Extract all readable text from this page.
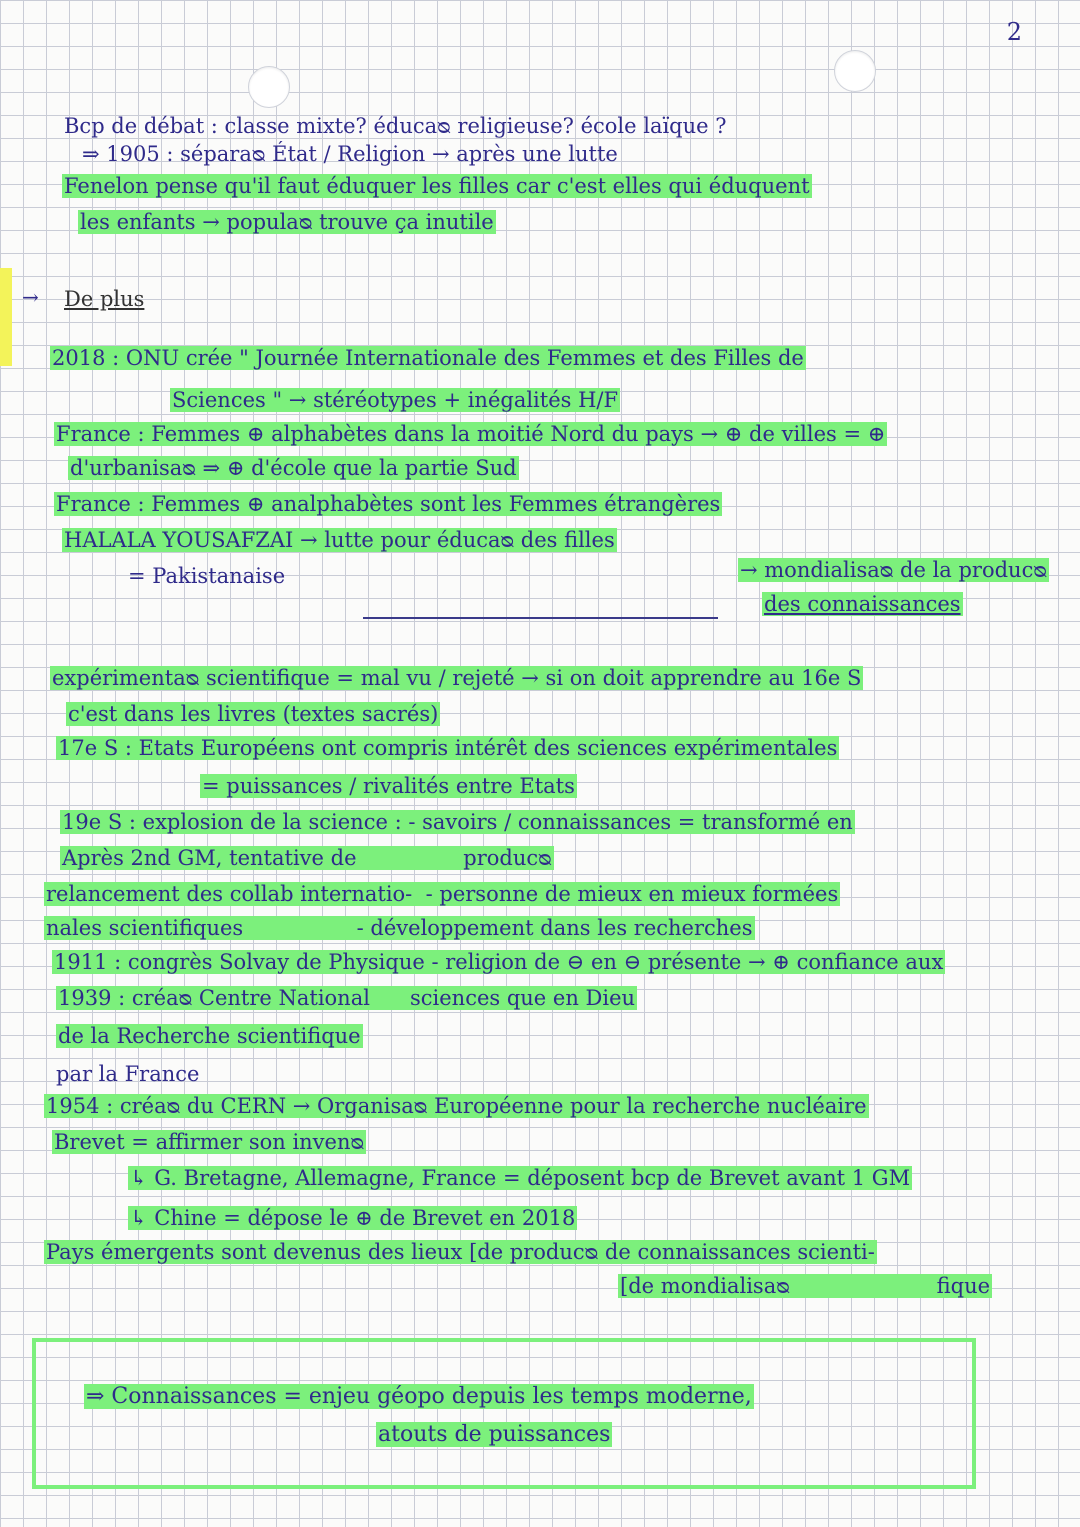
2
→
Bcp de débat : classe mixte? éducaᴓ religieuse? école laïque ?
⇒ 1905 : séparaᴓ État / Religion → après une lutte
Fenelon pense qu'il faut éduquer les filles car c'est elles qui éduquent
les enfants → populaᴓ trouve ça inutile
De plus
2018 : ONU crée " Journée Internationale des Femmes et des Filles de
Sciences " → stéréotypes + inégalités H/F
France : Femmes ⊕ alphabètes dans la moitié Nord du pays → ⊕ de villes = ⊕
d'urbanisaᴓ ⇒ ⊕ d'école que la partie Sud
France : Femmes ⊕ analphabètes sont les Femmes étrangères
HALALA YOUSAFZAI → lutte pour éducaᴓ des filles
= Pakistanaise	→ mondialisaᴓ de la producᴓ
des connaissances
expérimentaᴓ scientifique = mal vu / rejeté → si on doit apprendre au 16e S
c'est dans les livres (textes sacrés)
17e S : Etats Européens ont compris intérêt des sciences expérimentales
= puissances / rivalités entre Etats
19e S : explosion de la science : - savoirs / connaissances = transformé en
Après 2nd GM, tentative de                producᴓ
relancement des collab internatio-  - personne de mieux en mieux formées
nales scientifiques                 - développement dans les recherches
1911 : congrès Solvay de Physique - religion de ⊖ en ⊖ présente → ⊕ confiance aux
1939 : créaᴓ Centre National      sciences que en Dieu
de la Recherche scientifique
par la France
1954 : créaᴓ du CERN → Organisaᴓ Européenne pour la recherche nucléaire
Brevet = affirmer son invenᴓ
↳ G. Bretagne, Allemagne, France = déposent bcp de Brevet avant 1 GM
↳ Chine = dépose le ⊕ de Brevet en 2018
Pays émergents sont devenus des lieux [de producᴓ de connaissances scienti-
[de mondialisaᴓ                      fique
⇒ Connaissances = enjeu géopo depuis les temps moderne,
atouts de puissances
